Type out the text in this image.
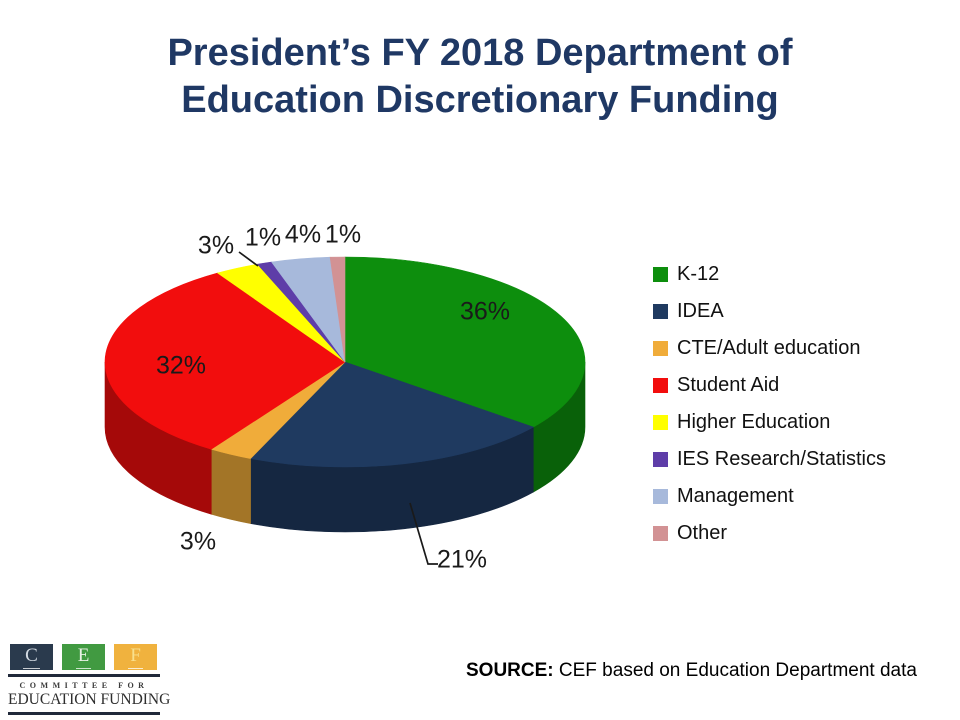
President’s FY 2018 Department of Education Discretionary Funding
36%
21%
3%
32%
3% 1% 4% 1%
K-12
IDEA
CTE/Adult education
Student Aid
Higher Education
IES Research/Statistics
Management
Other
C E F
COMMITTEE FOR
EDUCATION FUNDING
SOURCE: CEF based on Education Department data
